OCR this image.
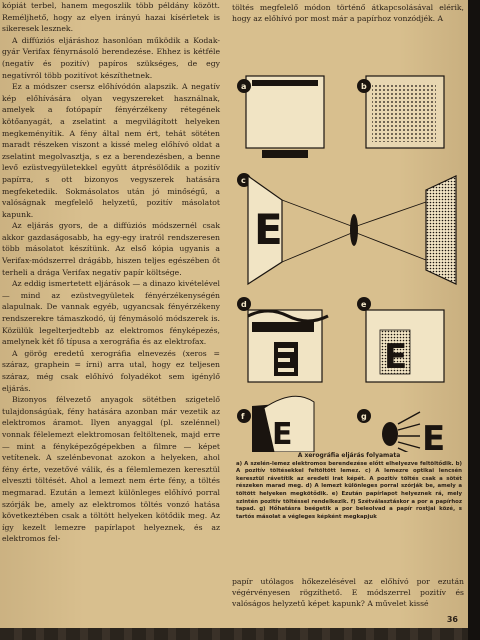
kópiát terbel, hanem megoszlik több példány között. Reméljhető, hogy az elyen irányú hazai kísérletek is sikeresek lesznek.

A diffúziós eljáráshoz hasonlóan működik a Kodak-gyár Verifax fényrnásoló berendezése. Ehhez is kétféle (negatív és pozitív) papíros szükséges, de egy negatívról több pozitívot készíthetnek.

Ez a módszer csersz előhívódón alapszik. A negatív kép előhívására olyan vegyszereket használnak, amelyek a fotópapír fényérzékeny rétegének kötőanyagát, a zselatint a megvilágított helyeken megkeményítik. A fény által nem ért, tehát sötéten maradt részeken viszont a kissé meleg előhívó oldat a zselatint megolvasztja, s ez a berendezésben, a benne levő ezüstvegyületekkel együtt átprésölődik a pozitív papírra, s ott bizonyos vegyszerek hatására megfeketedik. Sokmásolatos után jó minőségű, a valóságnak megfelelő helyzetű, pozitív másolatot kapunk.

Az eljárás gyors, de a diffúziós módszernél csak akkor gazdaságosabb, ha egy-egy iratról rendszeresen több másolatot készítünk. Az első kópia ugyanis a Verifax-módszerrel drágább, hiszen teljes egészében őt terheli a drága Verifax negatív papír költsége.

Az eddig ismertetett eljárások — a dinazo kivételével — mind az ezüstvegyületek fényérzékenységén alapulnak. De vannak egyéb, ugyancsak fényérzékeny rendszerekre támaszkodó, új fénymásoló módszerek is. Közülük legelterjedtebb az elektromos fényképezés, amelynek két fő típusa a xerográfia és az elektrofax.

A görög eredetű xerográfia elnevezés (xeros = száraz, graphein = írni) arra utal, hogy ez teljesen száraz, még csak előhívó folyadékot sem igénylő eljárás.

Bizonyos félvezető anyagok sötétben szigetelő tulajdonságúak, fény hatására azonban már vezetik az elektromos áramot. Ilyen anyaggal (pl. szelénnel) vonnak félelemezt elektromosan feltöltenek, majd erre — mint a fényképezőgépekben a filmre — képet vetítenek. A szelénbevonat azokon a helyeken, ahol fény érte, vezetővé válik, és a félemlemezen keresztül elveszti töltését. Ahol a lemezt nem érte fény, a töltés megmarad. Ezután a lemezt különleges előhívó porral szórják be, amely az elektromos töltés vonzó hatása következtében csak a töltött helyeken kötődik meg. Az így kezelt lemezre papírlapot helyeznek, és az elektromos fel-

töltés megfelelő módon történő átkapcsolásával elérik, hogy az előhívó por most már a papírhoz vonzódjék. A

a	b
c
E
d	e
E
f
E
g
E
A xerográfia eljárás folyamata
a) A szelén-lemez elektromos berendezése előtt elhelyezve feltöltődik. b) A pozitív töltésekkel feltöltött lemez. c) A lemezre optikai lencsén keresztül rávetítik az eredeti irat képét. A pozitív töltés csak a sötét részeken marad meg. d) A lemezt különleges porral szórják be, amely a töltött helyeken megkötődik. e) Ezután papírlapot helyeznek rá, mely szintén pozitív töltéssel rendelkezik. f) Szétválasztáskor a por a papírhoz tapad. g) Hőhatásra beégetik a por beleolvad a papír rostjai közé, s tartós másolat a végleges képként megkapjuk

papír utólagos hőkezelésével az előhívó por ezután végérvényesen rögzíthető. E módszerrel pozitív és valóságos helyzetű képet kapunk? A művelet kissé

36
